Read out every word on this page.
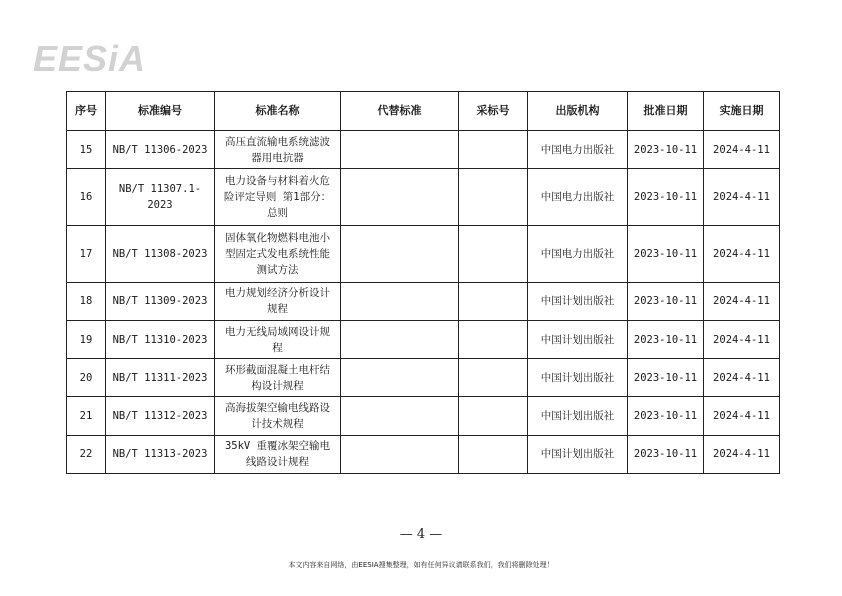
EESiA
序号	标准编号	标准名称	代替标准	采标号	出版机构	批准日期	实施日期
15	NB/T 11306-2023	高压直流输电系统滤波器用电抗器			中国电力出版社	2023-10-11	2024-4-11
16	NB/T 11307.1-2023	电力设备与材料着火危险评定导则 第1部分：总则			中国电力出版社	2023-10-11	2024-4-11
17	NB/T 11308-2023	固体氧化物燃料电池小型固定式发电系统性能测试方法			中国电力出版社	2023-10-11	2024-4-11
18	NB/T 11309-2023	电力规划经济分析设计规程			中国计划出版社	2023-10-11	2024-4-11
19	NB/T 11310-2023	电力无线局域网设计规程			中国计划出版社	2023-10-11	2024-4-11
20	NB/T 11311-2023	环形截面混凝土电杆结构设计规程			中国计划出版社	2023-10-11	2024-4-11
21	NB/T 11312-2023	高海拔架空输电线路设计技术规程			中国计划出版社	2023-10-11	2024-4-11
22	NB/T 11313-2023	35kV 重覆冰架空输电线路设计规程			中国计划出版社	2023-10-11	2024-4-11
— 4 —
本文内容来自网络，由EESIA搜集整理，如有任何异议请联系我们，我们将删除处理！
